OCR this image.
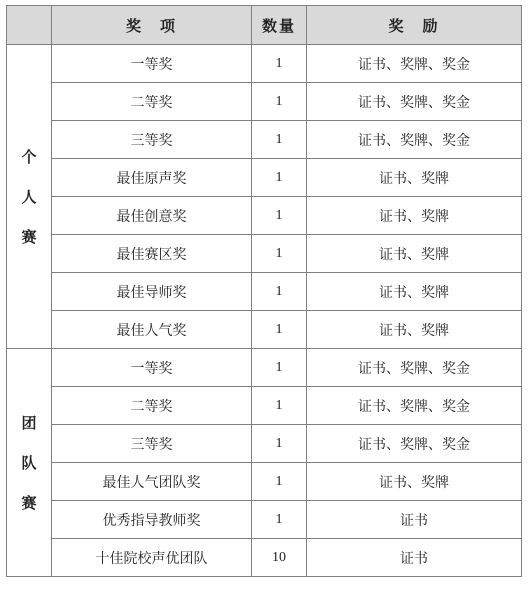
	奖　项	数量	奖　励
个人赛	一等奖	1	证书、奖牌、奖金
	二等奖	1	证书、奖牌、奖金
	三等奖	1	证书、奖牌、奖金
	最佳原声奖	1	证书、奖牌
	最佳创意奖	1	证书、奖牌
	最佳赛区奖	1	证书、奖牌
	最佳导师奖	1	证书、奖牌
	最佳人气奖	1	证书、奖牌
团队赛	一等奖	1	证书、奖牌、奖金
	二等奖	1	证书、奖牌、奖金
	三等奖	1	证书、奖牌、奖金
	最佳人气团队奖	1	证书、奖牌
	优秀指导教师奖	1	证书
	十佳院校声优团队	10	证书
